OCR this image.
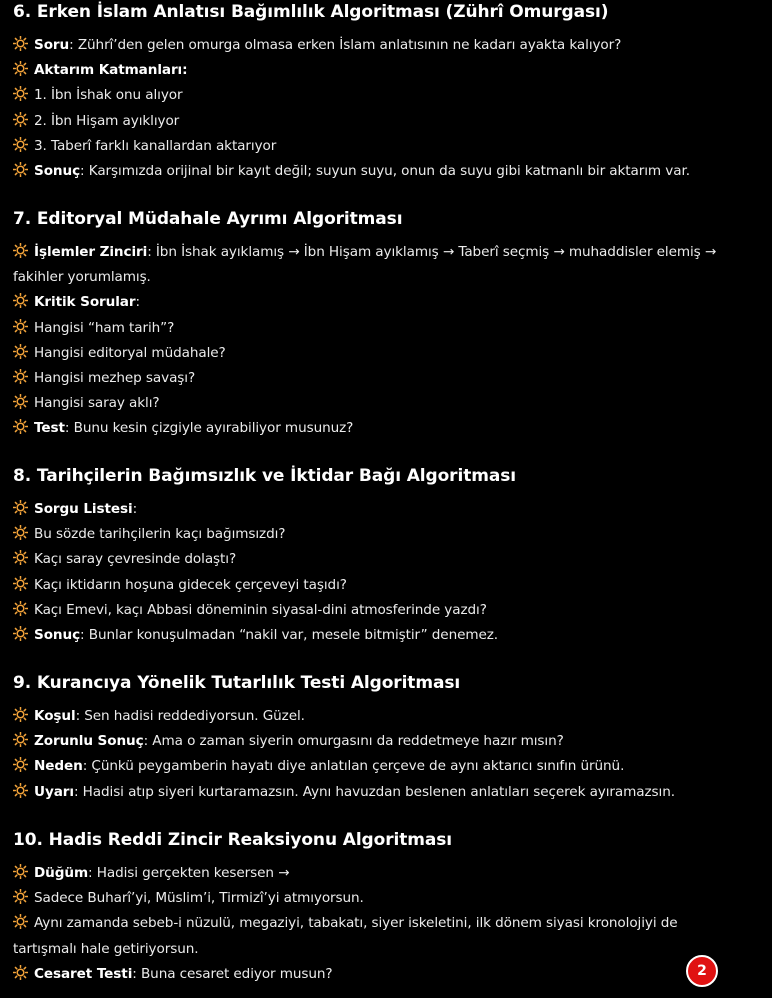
6. Erken İslam Anlatısı Bağımlılık Algoritması (Zührî Omurgası)
Soru: Zührî’den gelen omurga olmasa erken İslam anlatısının ne kadarı ayakta kalıyor?
Aktarım Katmanları:
1. İbn İshak onu alıyor
2. İbn Hişam ayıklıyor
3. Taberî farklı kanallardan aktarıyor
Sonuç: Karşımızda orijinal bir kayıt değil; suyun suyu, onun da suyu gibi katmanlı bir aktarım var.
7. Editoryal Müdahale Ayrımı Algoritması
İşlemler Zinciri: İbn İshak ayıklamış → İbn Hişam ayıklamış → Taberî seçmiş → muhaddisler elemiş →
fakihler yorumlamış.
Kritik Sorular:
Hangisi “ham tarih”?
Hangisi editoryal müdahale?
Hangisi mezhep savaşı?
Hangisi saray aklı?
Test: Bunu kesin çizgiyle ayırabiliyor musunuz?
8. Tarihçilerin Bağımsızlık ve İktidar Bağı Algoritması
Sorgu Listesi:
Bu sözde tarihçilerin kaçı bağımsızdı?
Kaçı saray çevresinde dolaştı?
Kaçı iktidarın hoşuna gidecek çerçeveyi taşıdı?
Kaçı Emevi, kaçı Abbasi döneminin siyasal-dini atmosferinde yazdı?
Sonuç: Bunlar konuşulmadan “nakil var, mesele bitmiştir” denemez.
9. Kurancıya Yönelik Tutarlılık Testi Algoritması
Koşul: Sen hadisi reddediyorsun. Güzel.
Zorunlu Sonuç: Ama o zaman siyerin omurgasını da reddetmeye hazır mısın?
Neden: Çünkü peygamberin hayatı diye anlatılan çerçeve de aynı aktarıcı sınıfın ürünü.
Uyarı: Hadisi atıp siyeri kurtaramazsın. Aynı havuzdan beslenen anlatıları seçerek ayıramazsın.
10. Hadis Reddi Zincir Reaksiyonu Algoritması
Düğüm: Hadisi gerçekten kesersen →
Sadece Buharî’yi, Müslim’i, Tirmizî’yi atmıyorsun.
Aynı zamanda sebeb-i nüzulü, megaziyi, tabakatı, siyer iskeletini, ilk dönem siyasi kronolojiyi de
tartışmalı hale getiriyorsun.
Cesaret Testi: Buna cesaret ediyor musun?	2
